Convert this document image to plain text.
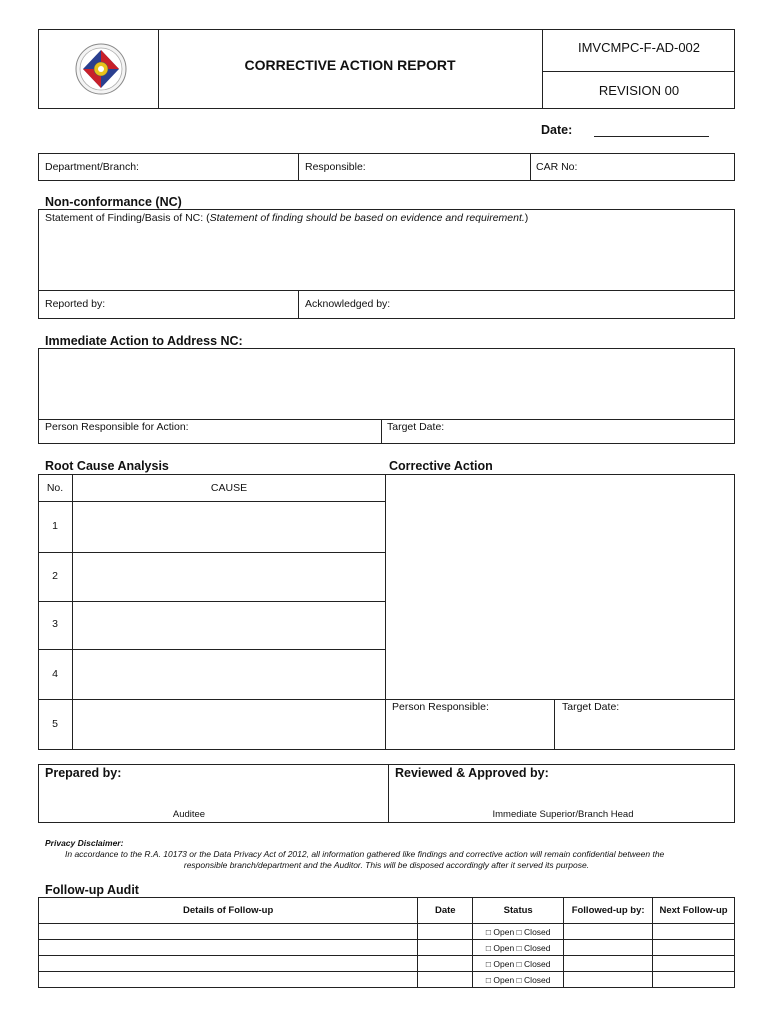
CORRECTIVE ACTION REPORT
IMVCMPC-F-AD-002
REVISION 00
Date:
Department/Branch:	Responsible:	CAR No:
Non-conformance (NC)
Statement of Finding/Basis of NC: (Statement of finding should be based on evidence and requirement.)
Reported by:	Acknowledged by:
Immediate Action to Address NC:
Person Responsible for Action:	Target Date:
Root Cause Analysis	Corrective Action
No.	CAUSE
1
2
3
4
5
Person Responsible:	Target Date:
Prepared by:	Reviewed & Approved by:
Auditee	Immediate Superior/Branch Head
Privacy Disclaimer:
In accordance to the R.A. 10173 or the Data Privacy Act of 2012, all information gathered like findings and corrective action will remain confidential between the
responsible branch/department and the Auditor. This will be disposed accordingly after it served its purpose.
Follow-up Audit
Details of Follow-up	Date	Status	Followed-up by:	Next Follow-up
		□ Open □ Closed		
		□ Open □ Closed		
		□ Open □ Closed		
		□ Open □ Closed		
